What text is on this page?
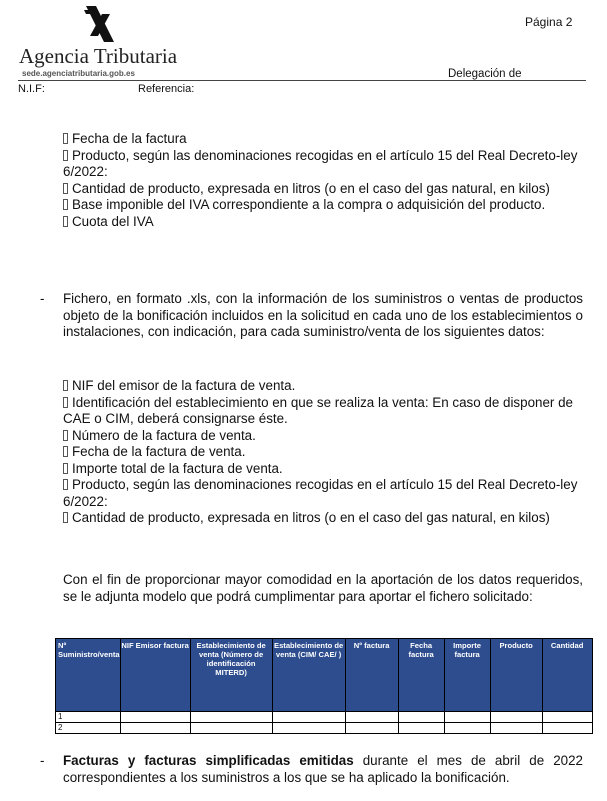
Agencia Tributaria
sede.agenciatributaria.gob.es
Página 2
Delegación de
N.I.F:	Referencia:
Fecha de la factura
Producto, según las denominaciones recogidas en el artículo 15 del Real Decreto-ley 6/2022:
Cantidad de producto, expresada en litros (o en el caso del gas natural, en kilos)
Base imponible del IVA correspondiente a la compra o adquisición del producto.
Cuota del IVA
- Fichero, en formato .xls, con la información de los suministros o ventas de productos objeto de la bonificación incluidos en la solicitud en cada uno de los establecimientos o instalaciones, con indicación, para cada suministro/venta de los siguientes datos:
NIF del emisor de la factura de venta.
Identificación del establecimiento en que se realiza la venta: En caso de disponer de CAE o CIM, deberá consignarse éste.
Número de la factura de venta.
Fecha de la factura de venta.
Importe total de la factura de venta.
Producto, según las denominaciones recogidas en el artículo 15 del Real Decreto-ley 6/2022:
Cantidad de producto, expresada en litros (o en el caso del gas natural, en kilos)
Con el fin de proporcionar mayor comodidad en la aportación de los datos requeridos, se le adjunta modelo que podrá cumplimentar para aportar el fichero solicitado:
Nº Suministro/venta	NIF Emisor factura	Establecimiento de venta (Número de identificación MITERD)	Establecimiento de venta (CIM/ CAE/ )	Nº factura	Fecha factura	Importe factura	Producto	Cantidad
1								
2								
- Facturas y facturas simplificadas emitidas durante el mes de abril de 2022 correspondientes a los suministros a los que se ha aplicado la bonificación.
